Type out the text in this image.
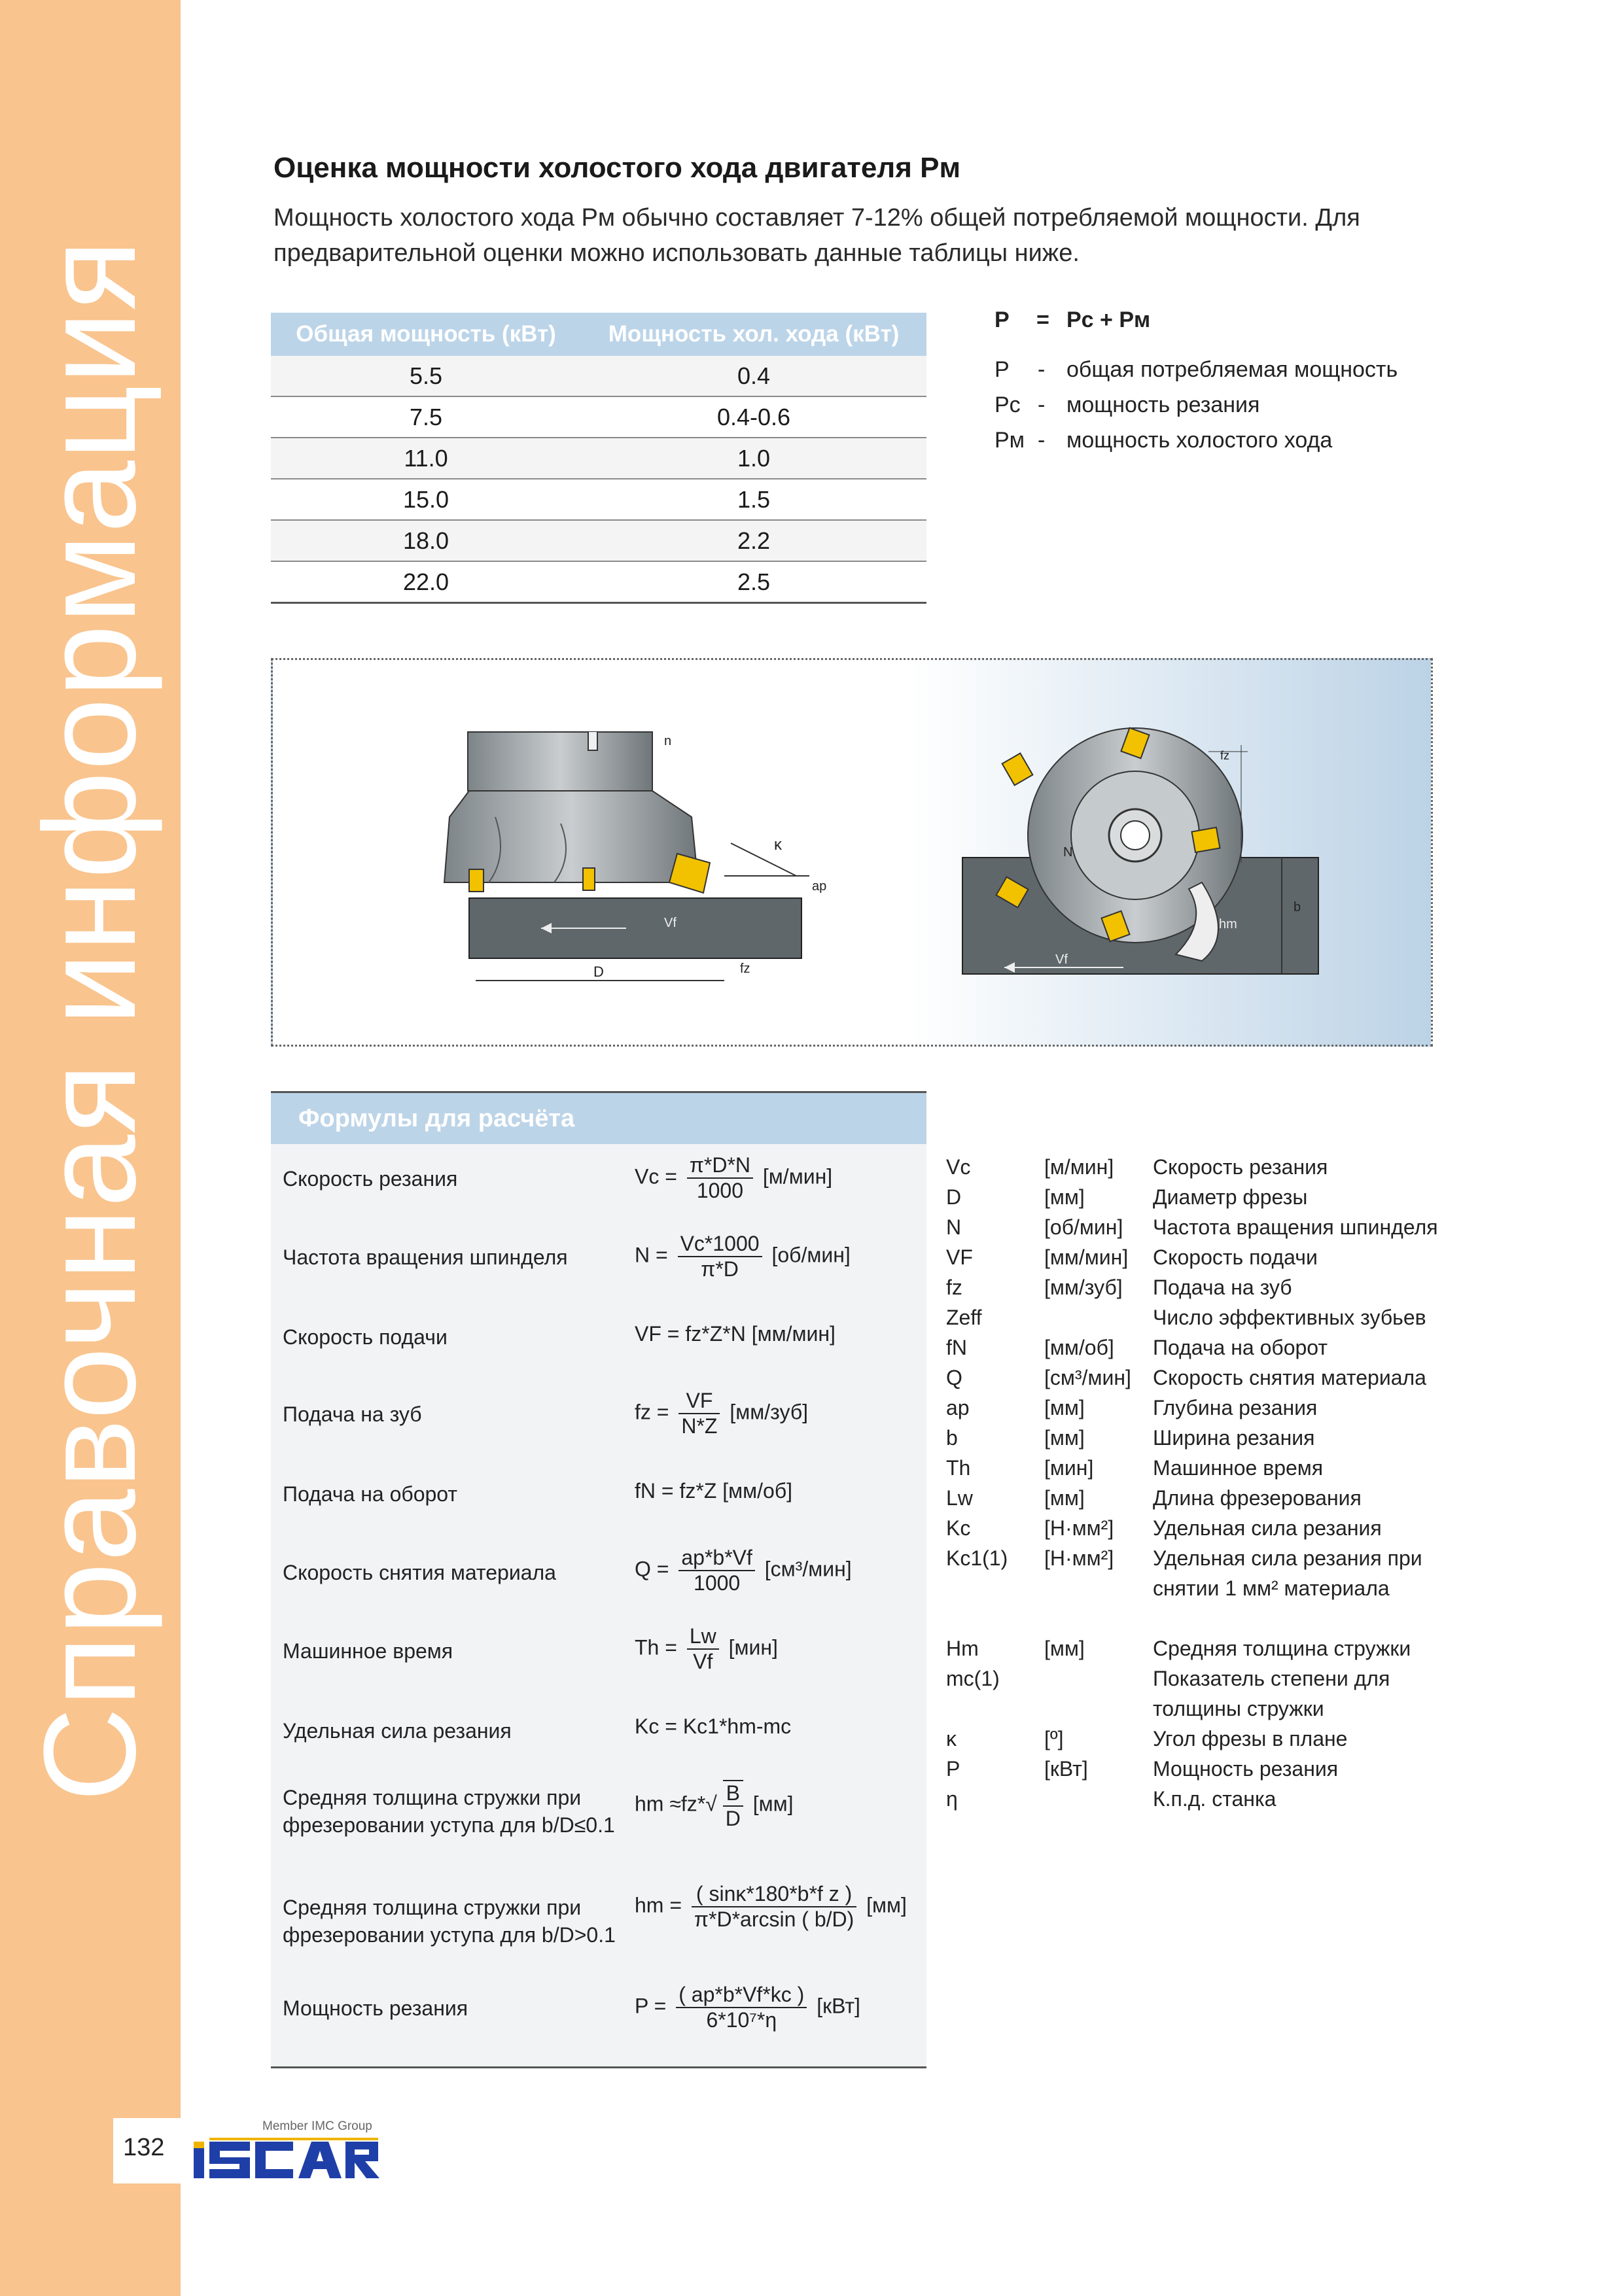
Справочная информация
132
Member IMC Group
Оценка мощности холостого хода двигателя Pм

Мощность холостого хода Pм обычно составляет 7-12% общей потребляемой мощности. Для предварительной оценки можно использовать данные таблицы ниже.

Общая мощность (кВт)	Мощность хол. хода (кВт)
5.5	0.4
7.5	0.4-0.6
11.0	1.0
15.0	1.5
18.0	2.2
22.0	2.5
P = Pс + Pм
P - общая потребляемая мощность
Pс - мощность резания
Pм - мощность холостого хода
n
κ
ap
Vf
D	fz
fz
N
b
hm
Vf
Формулы для расчёта
Скорость резания	$Vc = \frac{\pi*D*N}{1000} [м/мин]$
Частота вращения шпинделя	$N = \frac{Vc*1000}{\pi*D} [об/мин]$
Скорость подачи	VF = fz*Z*N [мм/мин]
Подача на зуб	fz = $\frac{VF}{N*Z} [мм/зуб]$
Подача на оборот	fN = fz*Z [мм/об]
Скорость снятия материала	$Q = \frac{ap*b*Vf}{1000} [см^3/мин]$
Машинное время	$Th = \frac{Lw}{Vf} [мин]$
Удельная сила резания	Kc = Kc1*hm-mc
Средняя толщина стружки при фрезеровании уступа для b/D≤0.1
hm $\approx fz*√ \frac{B}{D} [мм]$
Средняя толщина стружки при фрезеровании уступа для b/D>0.1
hm = $\frac{\text{( sinκ*180*b*f z )}}{\pi*D*\arcsin ( b/D)} [мм]$
Мощность резания	$P = \frac{( ap*b*Vf*kc )}{\text{6*10⁷*η}} [кВт]$
Vc	[м/мин] Скорость резания
D	[мм]	Диаметр фрезы
N	[об/мин] Частота вращения шпинделя
VF	[мм/мин] Скорость подачи
fz	[мм/зуб] Подача на зуб
Zeff	Число эффективных зубьев
fN	[мм/об] Подача на оборот
Q	[см³/мин] Скорость снятия материала
ap	[мм]	Глубина резания
b	[мм]	Ширина резания
Th	[мин]	Машинное время
Lw	[мм]	Длина фрезерования
Kc	[Н·мм²] Удельная сила резания
Kc1(1) [Н·мм²] Удельная сила резания при
снятии 1 мм² материала
Hm	[мм]	Средняя толщина стружки
mc(1)	Показатель степени для
толщины стружки
κ	[º]	Угол фрезы в плане
P	[кВт]	Мощность резания
η	К.п.д. станка
